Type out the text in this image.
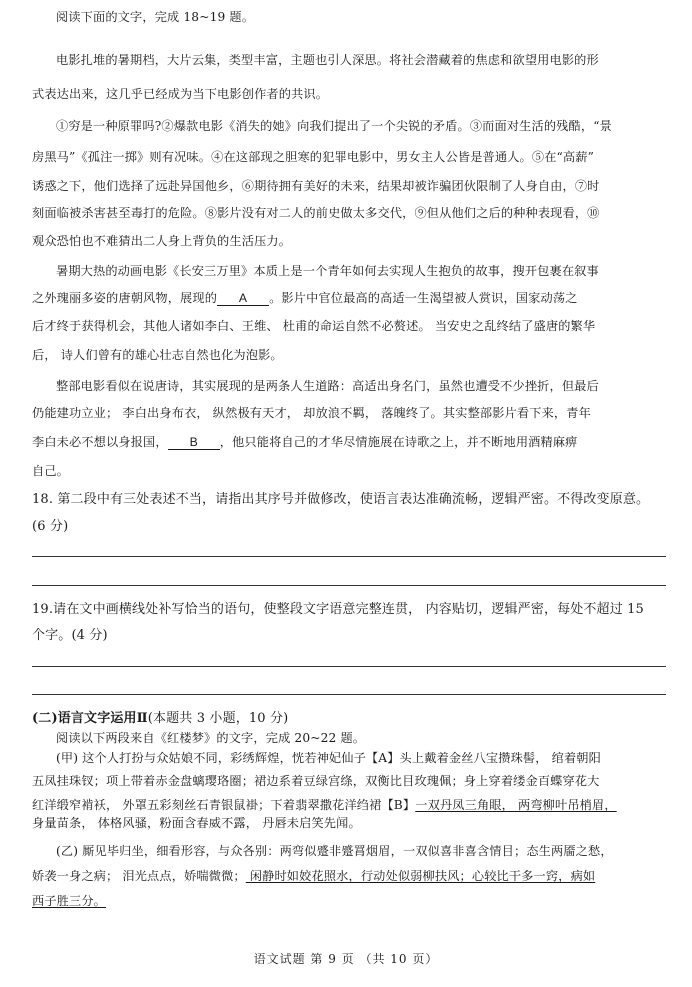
阅读下面的文字，完成 18~19 题。
电影扎堆的暑期档，大片云集，类型丰富，主题也引人深思。将社会潜藏着的焦虑和欲望用电影的形
式表达出来，这几乎已经成为当下电影创作者的共识。
①穷是一种原罪吗?②爆款电影《消失的她》向我们提出了一个尖锐的矛盾。③而面对生活的残酷，“景
房黑马”《孤注一掷》则有况味。④在这部现之胆寒的犯罪电影中，男女主人公皆是普通人。⑤在“高薪”
诱惑之下，他们选择了远赴异国他乡，⑥期待拥有美好的未来，结果却被诈骗团伙限制了人身自由，⑦时
刻面临被杀害甚至毒打的危险。⑧影片没有对二人的前史做太多交代，⑨但从他们之后的种种表现看，⑩
观众恐怕也不难猜出二人身上背负的生活压力。
暑期大热的动画电影《长安三万里》本质上是一个青年如何去实现人生抱负的故事，搜开包裹在叙事
之外瑰丽多姿的唐朝风物，展现的 A 。影片中官位最高的高适一生渴望被人赏识，国家动荡之
后才终于获得机会，其他人诸如李白、王维、 杜甫的命运自然不必赘述。 当安史之乱终结了盛唐的繁华
后， 诗人们曾有的雄心壮志自然也化为泡影。
整部电影看似在说唐诗，其实展现的是两条人生道路：高适出身名门，虽然也遭受不少挫折，但最后
仍能建功立业； 李白出身布衣， 纵然极有天才， 却放浪不羁， 落魄终了。其实整部影片看下来，青年
李白未必不想以身报国， B ，他只能将自己的才华尽情施展在诗歌之上，并不断地用酒精麻痹
自己。
18. 第二段中有三处表述不当，请指出其序号并做修改，使语言表达准确流畅，逻辑严密。不得改变原意。
(6 分)
19.请在文中画横线处补写恰当的语句，使整段文字语意完整连贯， 内容贴切，逻辑严密，每处不超过 15
个字。(4 分)
(二)语言文字运用Ⅱ(本题共 3 小题，10 分)
阅读以下两段来自《红楼梦》的文字，完成 20~22 题。
(甲) 这个人打扮与众姑娘不同，彩绣辉煌，恍若神妃仙子【A】头上戴着金丝八宝攒珠髻， 绾着朝阳
五凤挂珠钗；项上带着赤金盘螭璎珞圈；裙边系着豆绿宫绦，双衡比目玫瑰佩；身上穿着缕金百蝶穿花大
红洋缎窄褃袄， 外罩五彩刻丝石青银鼠褂；下着翡翠撒花洋绉裙【B】一双丹凤三角眼， 两弯柳叶吊梢眉，
身量苗条， 体格风骚，粉面含春威不露， 丹唇未启笑先闻。
(乙) 厮见毕归坐，细看形容，与众各别：两弯似蹙非蹙罥烟眉，一双似喜非喜含情目；态生两靥之愁，
娇袭一身之病； 泪光点点，娇喘微微； 闲静时如姣花照水，行动处似弱柳扶风；心较比干多一窍，病如
西子胜三分。
语文试题 第 9 页 （共 10 页）
